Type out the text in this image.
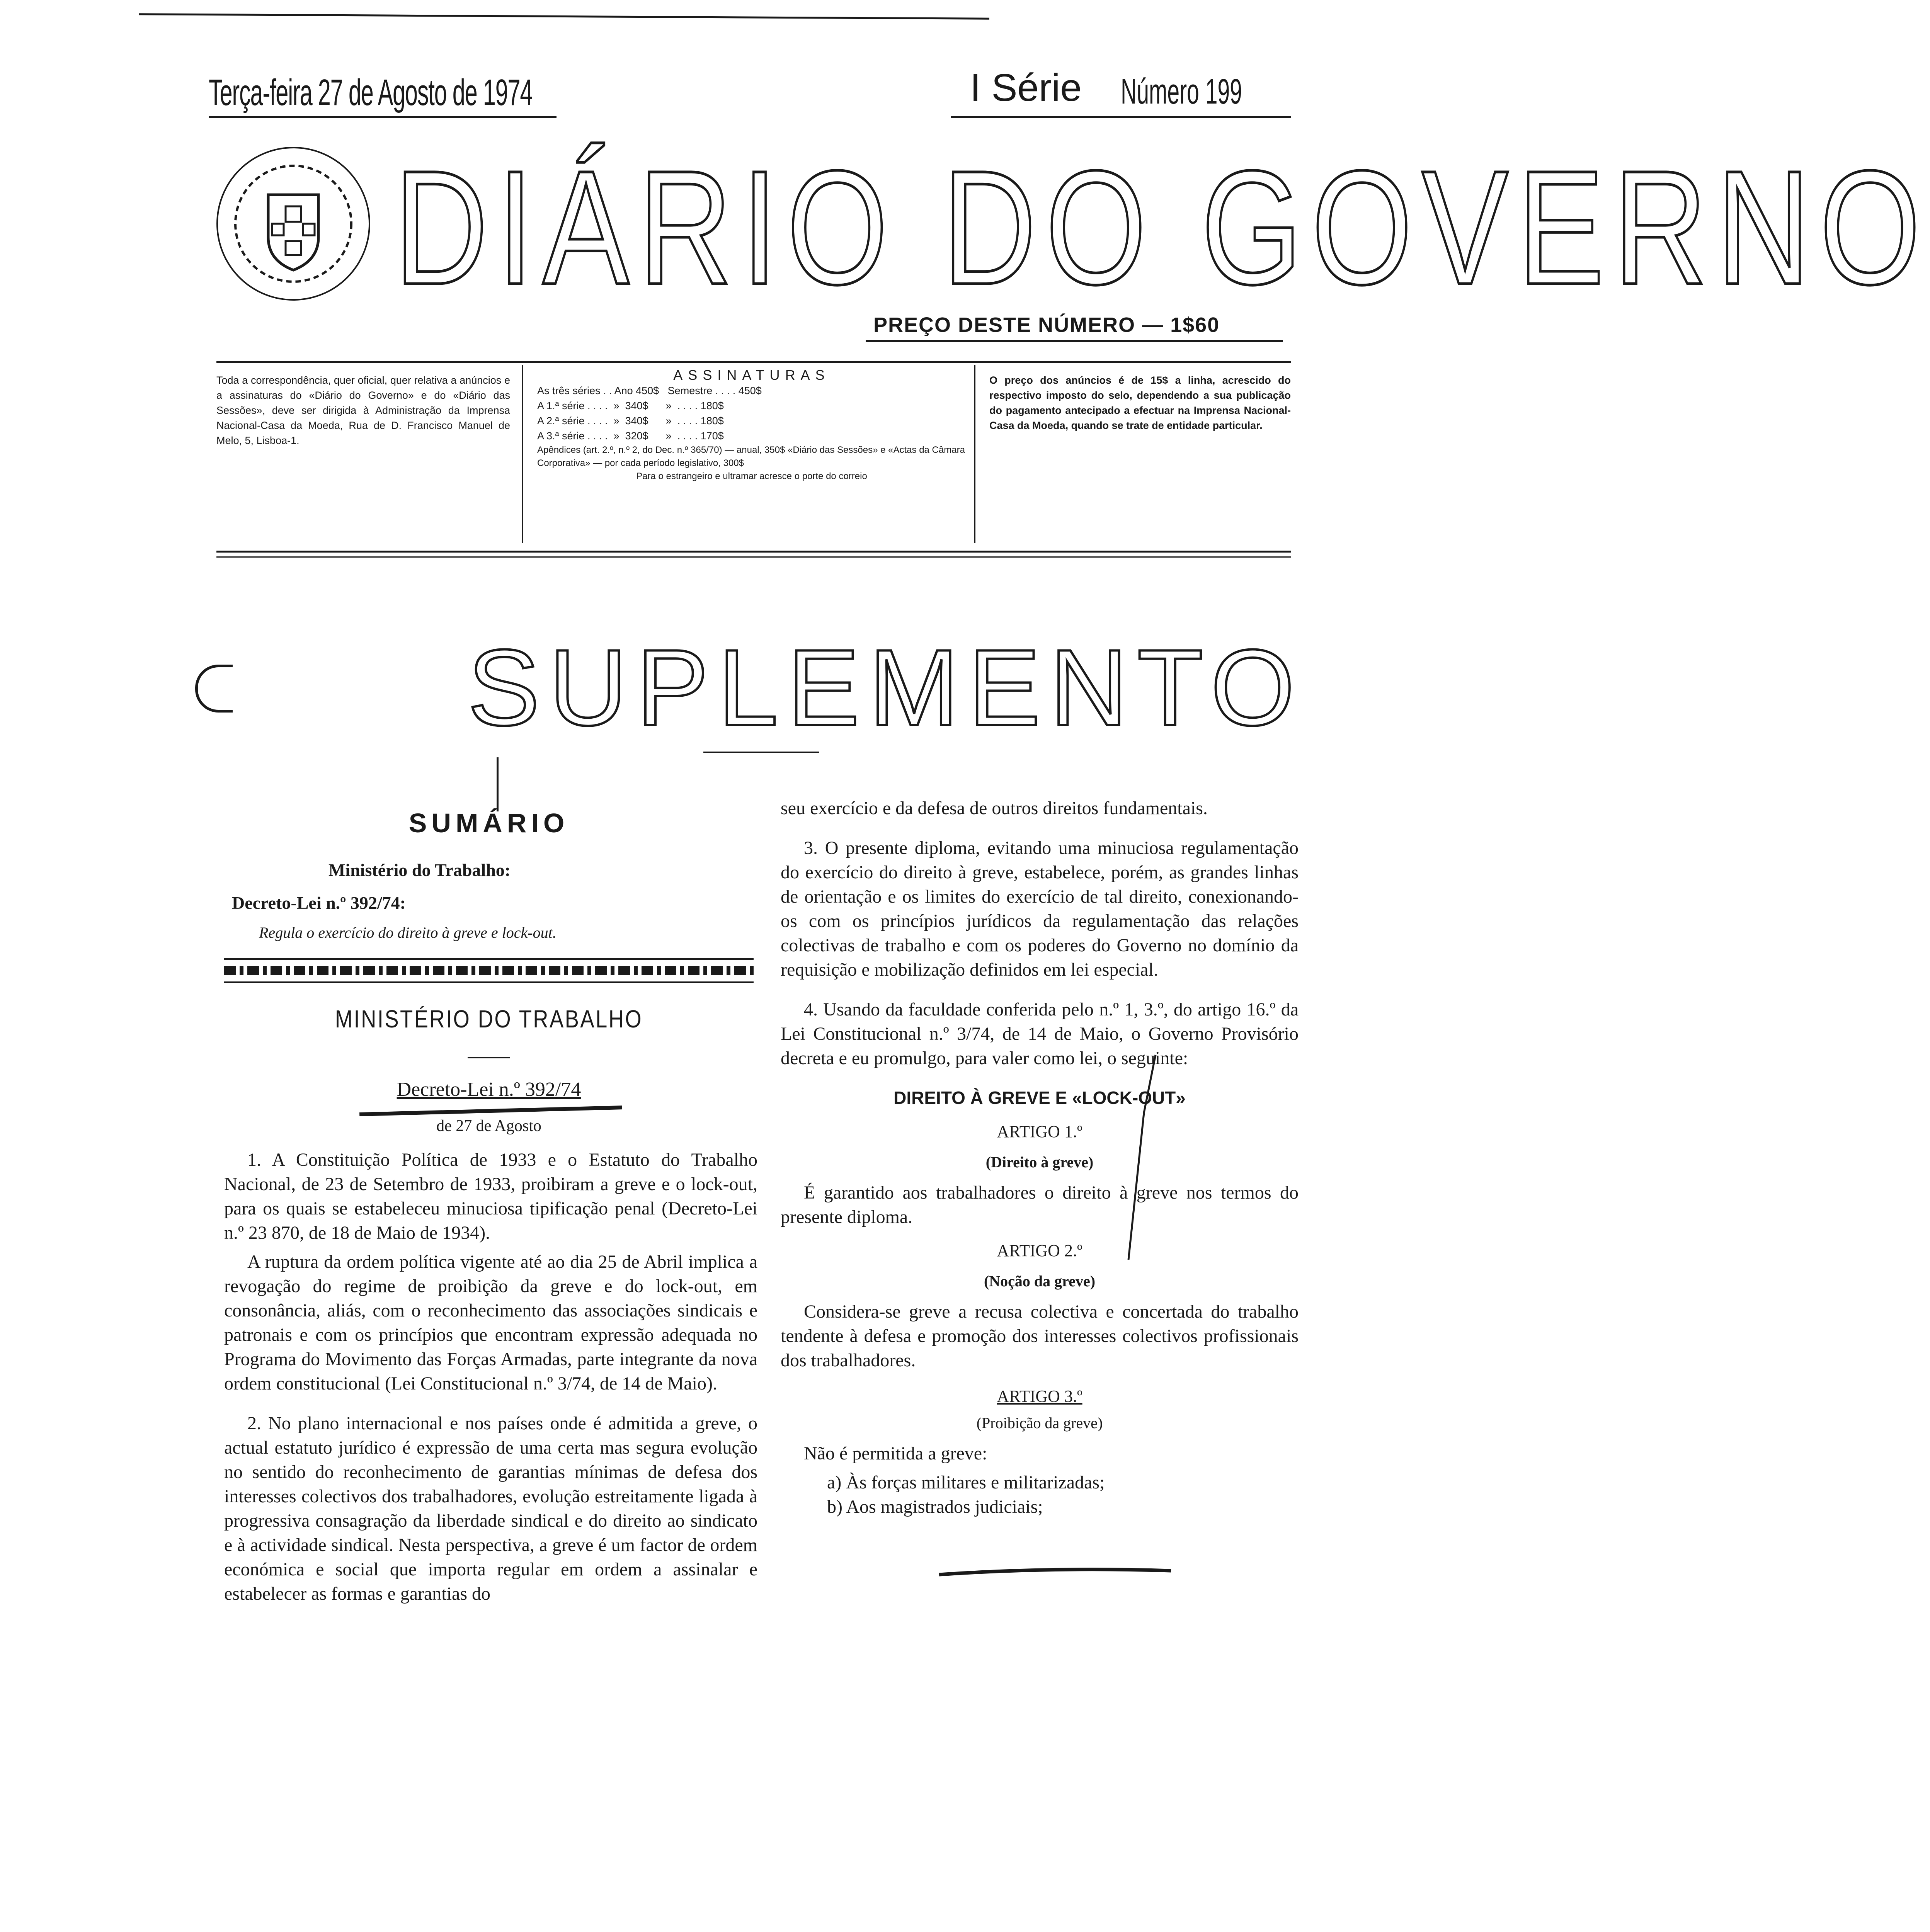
Terça-feira 27 de Agosto de 1974	I Série Número 199
DIÁRIO DO GOVERNO
PREÇO DESTE NÚMERO — 1$60
Toda a correspondência, quer oficial, quer relativa a anúncios e a assinaturas do «Diário do Governo» e do «Diário das Sessões», deve ser dirigida à Administração da Imprensa Nacional-Casa da Moeda, Rua de D. Francisco Manuel de Melo, 5, Lisboa-1.
ASSINATURAS
As três séries . . Ano 450$   Semestre . . . . 450$
A 1.ª série . . . .  »  340$      »  . . . . 180$
A 2.ª série . . . .  »  340$      »  . . . . 180$
A 3.ª série . . . .  »  320$      »  . . . . 170$
Apêndices (art. 2.º, n.º 2, do Dec. n.º 365/70) — anual, 350$ «Diário das Sessões» e «Actas da Câmara Corporativa» — por cada período legislativo, 300$
Para o estrangeiro e ultramar acresce o porte do correio
O preço dos anúncios é de 15$ a linha, acrescido do respectivo imposto do selo, dependendo a sua publicação do pagamento antecipado a efectuar na Imprensa Nacional-Casa da Moeda, quando se trate de entidade particular.
SUPLEMENTO
SUMÁRIO
Ministério do Trabalho:
Decreto-Lei n.º 392/74:
Regula o exercício do direito à greve e lock-out.
MINISTÉRIO DO TRABALHO
Decreto-Lei n.º 392/74
de 27 de Agosto

1. A Constituição Política de 1933 e o Estatuto do Trabalho Nacional, de 23 de Setembro de 1933, proibiram a greve e o lock-out, para os quais se estabeleceu minuciosa tipificação penal (Decreto-Lei n.º 23 870, de 18 de Maio de 1934).

A ruptura da ordem política vigente até ao dia 25 de Abril implica a revogação do regime de proibição da greve e do lock-out, em consonância, aliás, com o reconhecimento das associações sindicais e patronais e com os princípios que encontram expressão adequada no Programa do Movimento das Forças Armadas, parte integrante da nova ordem constitucional (Lei Constitucional n.º 3/74, de 14 de Maio).

2. No plano internacional e nos países onde é admitida a greve, o actual estatuto jurídico é expressão de uma certa mas segura evolução no sentido do reconhecimento de garantias mínimas de defesa dos interesses colectivos dos trabalhadores, evolução estreitamente ligada à progressiva consagração da liberdade sindical e do direito ao sindicato e à actividade sindical. Nesta perspectiva, a greve é um factor de ordem económica e social que importa regular em ordem a assinalar e estabelecer as formas e garantias do

seu exercício e da defesa de outros direitos fundamentais.

3. O presente diploma, evitando uma minuciosa regulamentação do exercício do direito à greve, estabelece, porém, as grandes linhas de orientação e os limites do exercício de tal direito, conexionando-os com os princípios jurídicos da regulamentação das relações colectivas de trabalho e com os poderes do Governo no domínio da requisição e mobilização definidos em lei especial.

4. Usando da faculdade conferida pelo n.º 1, 3.º, do artigo 16.º da Lei Constitucional n.º 3/74, de 14 de Maio, o Governo Provisório decreta e eu promulgo, para valer como lei, o seguinte:

DIREITO À GREVE E «LOCK-OUT»
ARTIGO 1.º
(Direito à greve)

É garantido aos trabalhadores o direito à greve nos termos do presente diploma.

ARTIGO 2.º
(Noção da greve)

Considera-se greve a recusa colectiva e concertada do trabalho tendente à defesa e promoção dos interesses colectivos profissionais dos trabalhadores.

ARTIGO 3.º
(Proibição da greve)

Não é permitida a greve:

a) Às forças militares e militarizadas;

b) Aos magistrados judiciais;
